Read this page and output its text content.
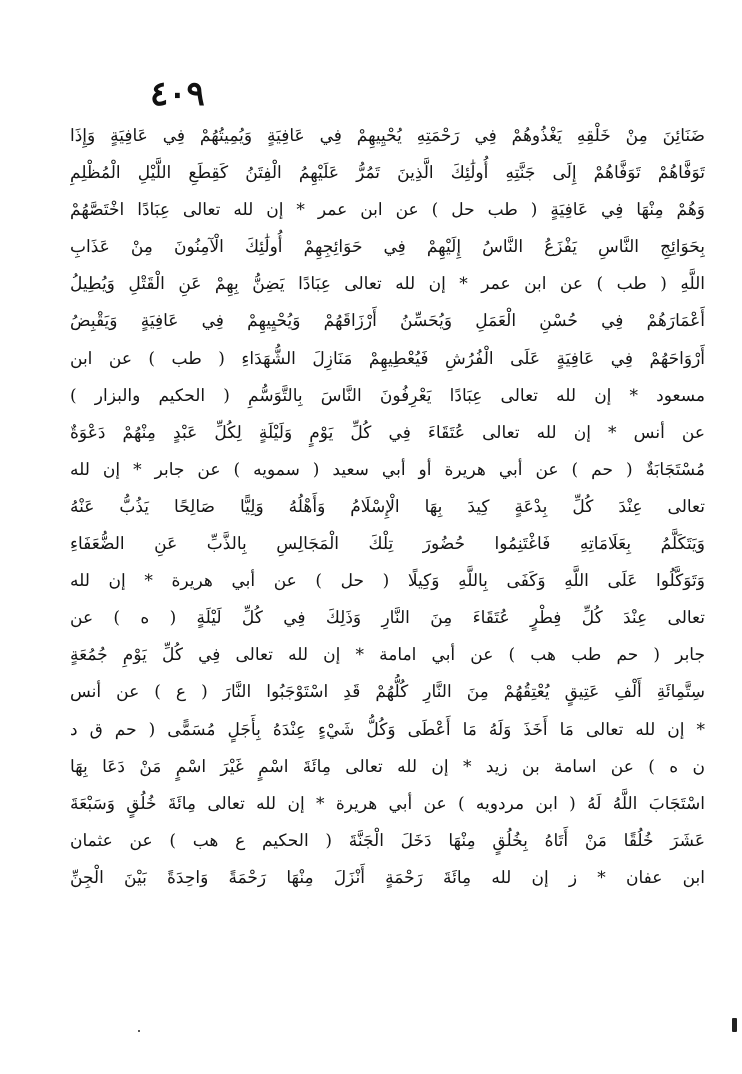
٤٠٩
ضَنَائِنَ مِنْ خَلْقِهِ يَغْذُوهُمْ فِي رَحْمَتِهِ يُحْيِيهِمْ فِي عَافِيَةٍ وَيُمِيتُهُمْ فِي عَافِيَةٍ وَإِذَا
تَوَفَّاهُمْ تَوَفَّاهُمْ إِلَى جَنَّتِهِ أُولَٰئِكَ الَّذِينَ تَمُرُّ عَلَيْهِمُ الْفِتَنُ كَقِطَعِ اللَّيْلِ الْمُظْلِمِ
وَهُمْ مِنْهَا فِي عَافِيَةٍ ( طب حل ) عن ابن عمر * إن لله تعالى عِبَادًا اخْتَصَّهُمْ
بِحَوَائِجِ النَّاسِ يَفْزَعُ النَّاسُ إِلَيْهِمْ فِي حَوَائِجِهِمْ أُولَٰئِكَ الْآمِنُونَ مِنْ عَذَابِ
اللَّهِ ( طب ) عن ابن عمر * إن لله تعالى عِبَادًا يَضِنُّ بِهِمْ عَنِ الْقَتْلِ وَيُطِيلُ
أَعْمَارَهُمْ فِي حُسْنِ الْعَمَلِ وَيُحَسِّنُ أَرْزَاقَهُمْ وَيُحْيِيهِمْ فِي عَافِيَةٍ وَيَقْبِضُ
أَرْوَاحَهُمْ فِي عَافِيَةٍ عَلَى الْفُرُشِ فَيُعْطِيهِمْ مَنَازِلَ الشُّهَدَاءِ ( طب ) عن ابن
مسعود * إن لله تعالى عِبَادًا يَعْرِفُونَ النَّاسَ بِالتَّوَسُّمِ ( الحكيم والبزار )
عن أنس * إن لله تعالى عُتَقَاءَ فِي كُلِّ يَوْمٍ وَلَيْلَةٍ لِكُلِّ عَبْدٍ مِنْهُمْ دَعْوَةٌ
مُسْتَجَابَةٌ ( حم ) عن أبي هريرة أو أبي سعيد ( سمويه ) عن جابر * إن لله
تعالى عِنْدَ كُلِّ بِدْعَةٍ كِيدَ بِهَا الْإِسْلَامُ وَأَهْلُهُ وَلِيًّا صَالِحًا يَذُبُّ عَنْهُ
وَيَتَكَلَّمُ بِعَلَامَاتِهِ فَاغْتَنِمُوا حُضُورَ تِلْكَ الْمَجَالِسِ بِالذَّبِّ عَنِ الضُّعَفَاءِ
وَتَوَكَّلُوا عَلَى اللَّهِ وَكَفَى بِاللَّهِ وَكِيلًا ( حل ) عن أبي هريرة * إن لله
تعالى عِنْدَ كُلِّ فِطْرٍ عُتَقَاءَ مِنَ النَّارِ وَذَلِكَ فِي كُلِّ لَيْلَةٍ ( ه ) عن
جابر ( حم طب هب ) عن أبي امامة * إن لله تعالى فِي كُلِّ يَوْمِ جُمُعَةٍ
سِتَّمِائَةِ أَلْفِ عَتِيقٍ يُعْتِقُهُمْ مِنَ النَّارِ كُلُّهُمْ قَدِ اسْتَوْجَبُوا النَّارَ ( ع ) عن أنس
* إن لله تعالى مَا أَخَذَ وَلَهُ مَا أَعْطَى وَكُلُّ شَيْءٍ عِنْدَهُ بِأَجَلٍ مُسَمًّى ( حم ق د
ن ه ) عن اسامة بن زيد * إن لله تعالى مِائَةَ اسْمٍ غَيْرَ اسْمٍ مَنْ دَعَا بِهَا
اسْتَجَابَ اللَّهُ لَهُ ( ابن مردويه ) عن أبي هريرة * إن لله تعالى مِائَةَ خُلُقٍ وَسَبْعَةَ
عَشَرَ خُلُقًا مَنْ أَتَاهُ بِخُلُقٍ مِنْهَا دَخَلَ الْجَنَّةَ ( الحكيم ع هب ) عن عثمان
ابن عفان * ز إن لله مِائَةَ رَحْمَةٍ أَنْزَلَ مِنْهَا رَحْمَةً وَاحِدَةً بَيْنَ الْجِنِّ
